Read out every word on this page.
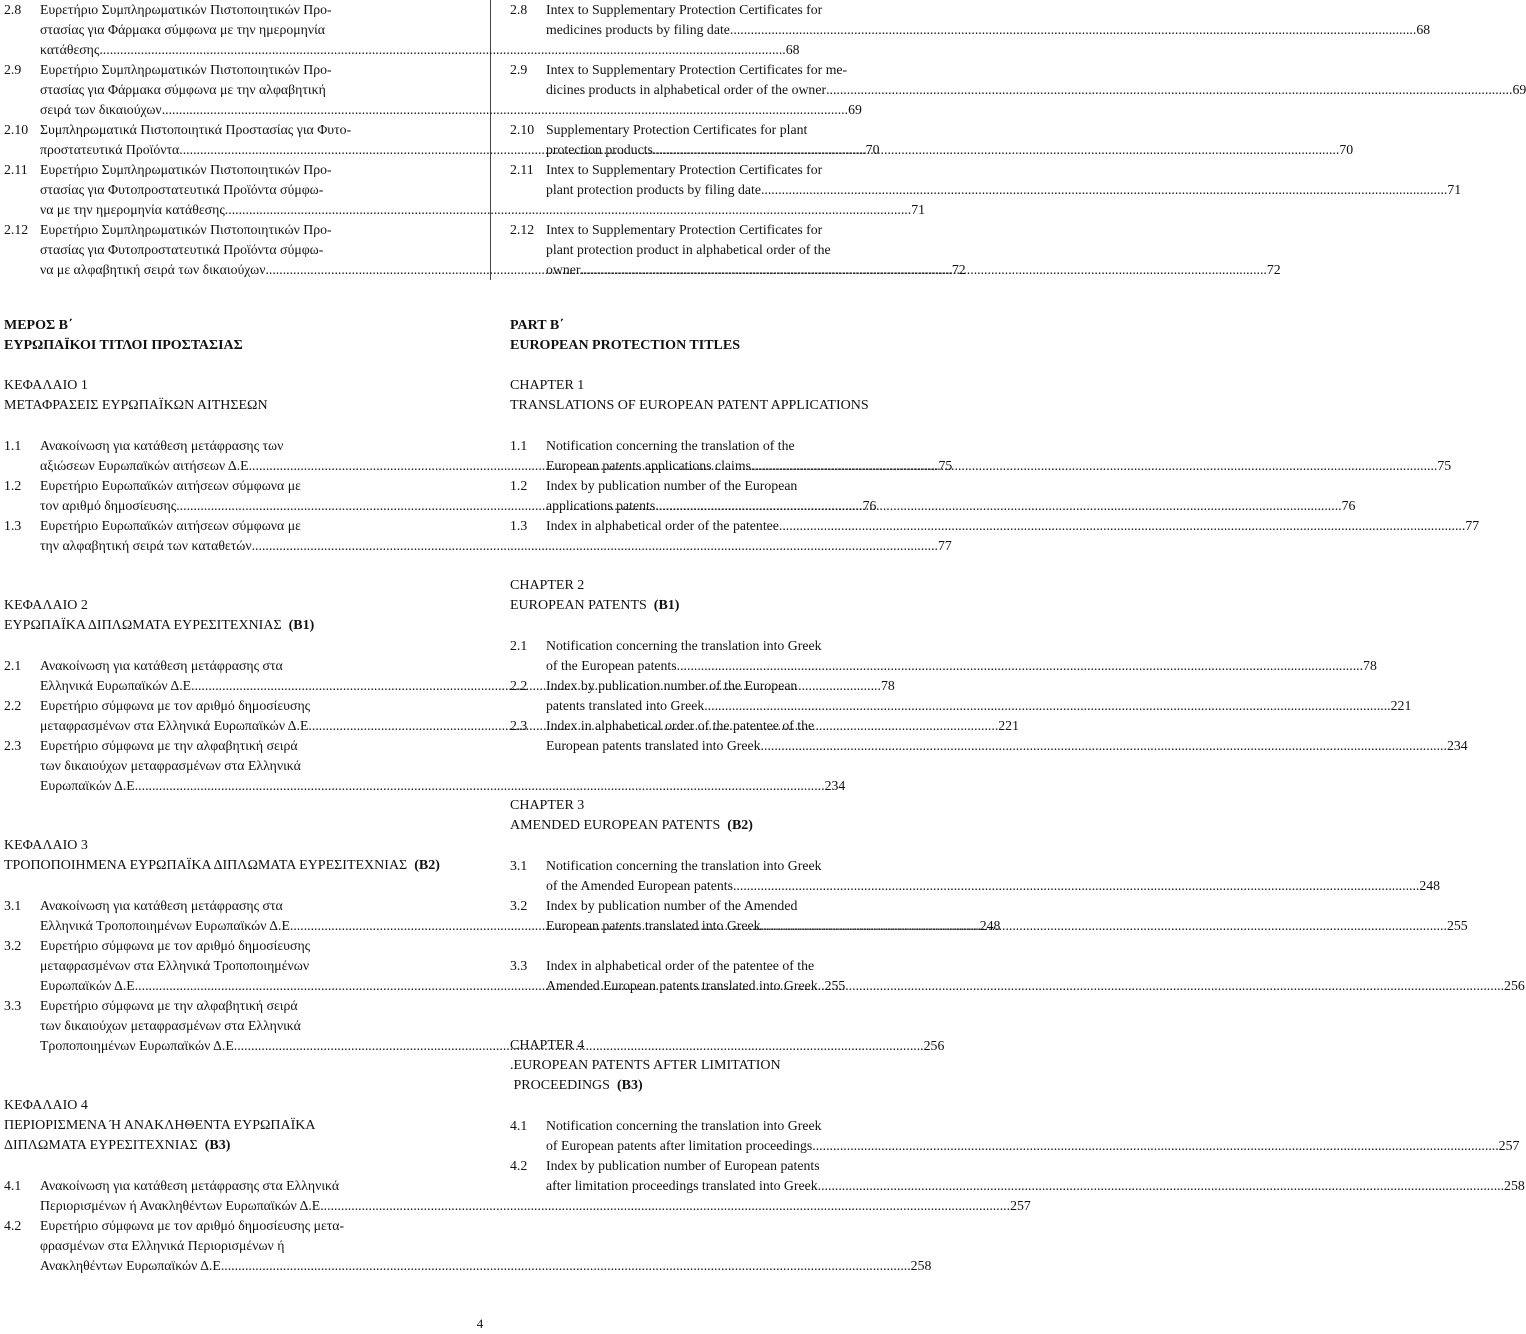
2.8	Ευρετήριο Συμπληρωματικών Πιστοποιητικών Προ-
στασίας για Φάρμακα σύμφωνα με την ημερομηνία
κατάθεσης .....	68
2.9	Ευρετήριο Συμπληρωματικών Πιστοποιητικών Προ-
στασίας για Φάρμακα σύμφωνα με την αλφαβητική
σειρά των δικαιούχων .....	69
2.10 Συμπληρωματικά Πιστοποιητικά Προστασίας για Φυτο-
προστατευτικά Προϊόντα .....	70
2.11 Ευρετήριο Συμπληρωματικών Πιστοποιητικών Προ-
στασίας για Φυτοπροστατευτικά Προϊόντα σύμφω-
να με την ημερομηνία κατάθεσης .....	71
2.12 Ευρετήριο Συμπληρωματικών Πιστοποιητικών Προ-
στασίας για Φυτοπροστατευτικά Προϊόντα σύμφω-
να με αλφαβητική σειρά των δικαιούχων .....	72
2.8	Intex to Supplementary Protection Certificates for
medicines products by filing date .....	68
2.9	Intex to Supplementary Protection Certificates for me-
dicines products in alphabetical order of the owner .....	69
2.10 Supplementary Protection Certificates for plant
protection products .....	70
2.11 Intex to Supplementary Protection Certificates for
plant protection products by filing date .....	71
2.12 Intex to Supplementary Protection Certificates for
plant protection product in alphabetical order of the
owner .....	72
ΜΕΡΟΣ Β΄
ΕΥΡΩΠΑΪΚΟΙ ΤΙΤΛΟΙ ΠΡΟΣΤΑΣΙΑΣ
ΚΕΦΑΛΑΙΟ 1
ΜΕΤΑΦΡΑΣΕΙΣ ΕΥΡΩΠΑΪΚΩΝ ΑΙΤΗΣΕΩΝ
1.1	Ανακοίνωση για κατάθεση μετάφρασης των
αξιώσεων Ευρωπαϊκών αιτήσεων Δ.Ε. .....	75
1.2	Ευρετήριο Ευρωπαϊκών αιτήσεων σύμφωνα με
τον αριθμό δημοσίευσης .....	76
1.3	Ευρετήριο Ευρωπαϊκών αιτήσεων σύμφωνα με
την αλφαβητική σειρά των καταθετών .....	77
ΚΕΦΑΛΑΙΟ 2
ΕΥΡΩΠΑΪΚΑ ΔΙΠΛΩΜΑΤΑ ΕΥΡΕΣΙΤΕΧΝΙΑΣ (Β1)
2.1	Ανακοίνωση για κατάθεση μετάφρασης στα
Ελληνικά Ευρωπαϊκών Δ.Ε. .....	78
2.2	Ευρετήριο σύμφωνα με τον αριθμό δημοσίευσης
μεταφρασμένων στα Ελληνικά Ευρωπαϊκών Δ.Ε. .....	221
2.3	Ευρετήριο σύμφωνα με την αλφαβητική σειρά
των δικαιούχων μεταφρασμένων στα Ελληνικά
Ευρωπαϊκών Δ.Ε. .....	234
ΚΕΦΑΛΑΙΟ 3
ΤΡΟΠΟΠΟΙΗΜΕΝΑ ΕΥΡΩΠΑΪΚΑ ΔΙΠΛΩΜΑΤΑ ΕΥΡΕΣΙΤΕΧΝΙΑΣ (Β2)
3.1	Ανακοίνωση για κατάθεση μετάφρασης στα
Ελληνικά Τροποποιημένων Ευρωπαϊκών Δ.Ε. .....	248
3.2	Ευρετήριο σύμφωνα με τον αριθμό δημοσίευσης
μεταφρασμένων στα Ελληνικά Τροποποιημένων
Ευρωπαϊκών Δ.Ε. .....	255
3.3	Ευρετήριο σύμφωνα με την αλφαβητική σειρά
των δικαιούχων μεταφρασμένων στα Ελληνικά
Τροποποιημένων Ευρωπαϊκών Δ.Ε. .....	256
ΚΕΦΑΛΑΙΟ 4
ΠΕΡΙΟΡΙΣΜΕΝΑ Ή ΑΝΑΚΛΗΘΕΝΤΑ ΕΥΡΩΠΑΪΚΑ
ΔΙΠΛΩΜΑΤΑ ΕΥΡΕΣΙΤΕΧΝΙΑΣ (Β3)
4.1	Ανακοίνωση για κατάθεση μετάφρασης στα Ελληνικά
Περιορισμένων ή Ανακληθέντων Ευρωπαϊκών Δ.Ε. .....	257
4.2	Ευρετήριο σύμφωνα με τον αριθμό δημοσίευσης μετα-
φρασμένων στα Ελληνικά Περιορισμένων ή
Ανακληθέντων Ευρωπαϊκών Δ.Ε. .....	258
PART B΄
EUROPEAN PROTECTION TITLES
CHAPTER 1
TRANSLATIONS OF EUROPEAN PATENT APPLICATIONS
1.1	Notification concerning the translation of the
European patents applications claims .....	75
1.2	Index by publication number of the European
applications patents .....	76
1.3	Index in alphabetical order of the patentee .....	77
CHAPTER 2
EUROPEAN PATENTS (B1)
2.1	Notification concerning the translation into Greek
of the European patents .....	78
2.2	Index by publication number of the European
patents translated into Greek .....	221
2.3	Index in alphabetical order of the patentee of the
European patents translated into Greek .....	234
CHAPTER 3
AMENDED EUROPEAN PATENTS (B2)
3.1	Notification concerning the translation into Greek
of the Amended European patents .....	248
3.2	Index by publication number of the Amended
European patents translated into Greek .....	255
3.3	Index in alphabetical order of the patentee of the
Amended European patents translated into Greek .....	256
CHAPTER 4
.EUROPEAN PATENTS AFTER LIMITATION
PROCEEDINGS (B3)
4.1	Notification concerning the translation into Greek
of European patents after limitation proceedings .....	257
4.2	Index by publication number of European patents
after limitation proceedings translated into Greek .....	258
4
